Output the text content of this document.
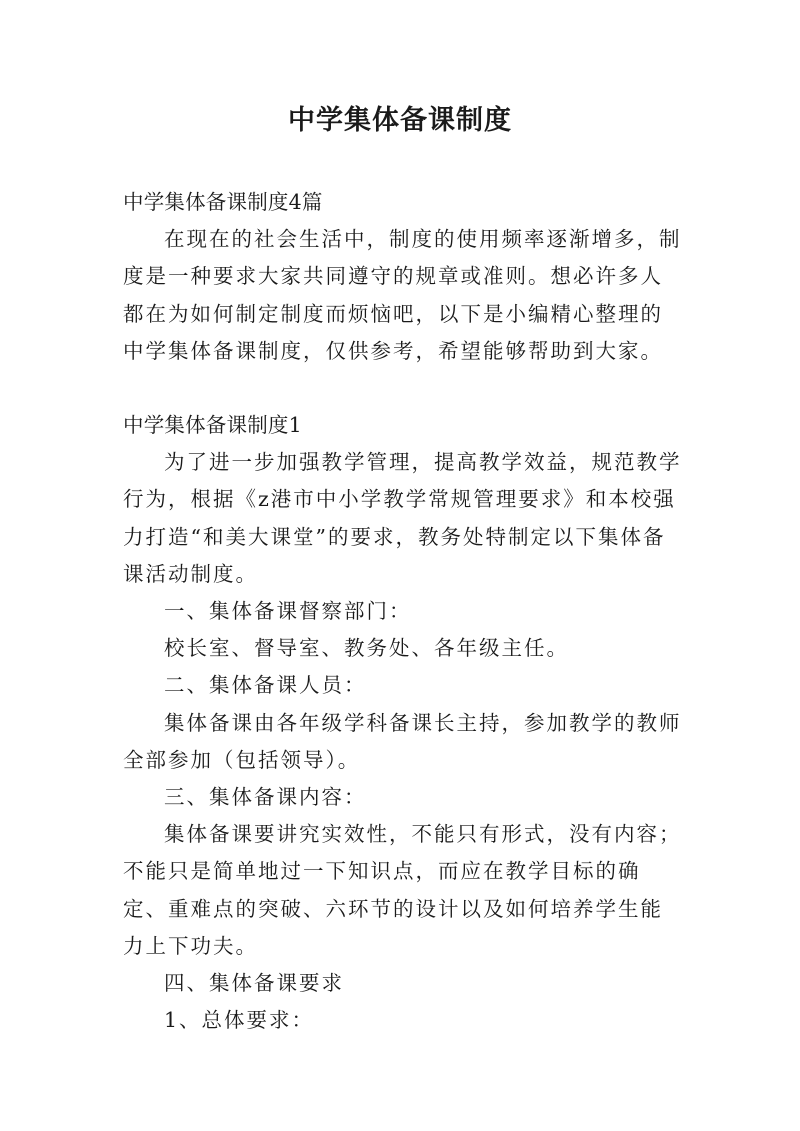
中学集体备课制度

中学集体备课制度4篇

在现在的社会生活中，制度的使用频率逐渐增多，制度是一种要求大家共同遵守的规章或准则。想必许多人都在为如何制定制度而烦恼吧，以下是小编精心整理的中学集体备课制度，仅供参考，希望能够帮助到大家。

中学集体备课制度1

为了进一步加强教学管理，提高教学效益，规范教学行为，根据《z港市中小学教学常规管理要求》和本校强力打造“和美大课堂”的要求，教务处特制定以下集体备课活动制度。

一、集体备课督察部门：

校长室、督导室、教务处、各年级主任。

二、集体备课人员：

集体备课由各年级学科备课长主持，参加教学的教师全部参加（包括领导）。

三、集体备课内容：

集体备课要讲究实效性，不能只有形式，没有内容；不能只是简单地过一下知识点，而应在教学目标的确定、重难点的突破、六环节的设计以及如何培养学生能力上下功夫。

四、集体备课要求

1、总体要求：
